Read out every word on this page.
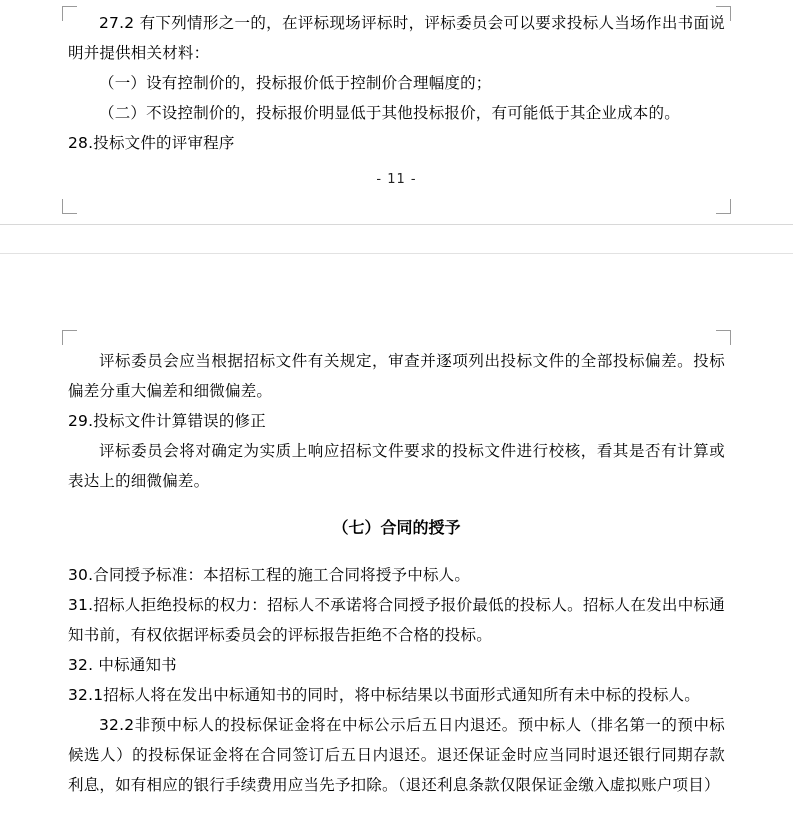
27.2 有下列情形之一的，在评标现场评标时，评标委员会可以要求投标人当场作出书面说明并提供相关材料：

（一）设有控制价的，投标报价低于控制价合理幅度的；

（二）不设控制价的，投标报价明显低于其他投标报价，有可能低于其企业成本的。

28.投标文件的评审程序

- 11 -

评标委员会应当根据招标文件有关规定，审查并逐项列出投标文件的全部投标偏差。投标偏差分重大偏差和细微偏差。

29.投标文件计算错误的修正

评标委员会将对确定为实质上响应招标文件要求的投标文件进行校核，看其是否有计算或表达上的细微偏差。

（七）合同的授予

30.合同授予标准：本招标工程的施工合同将授予中标人。

31.招标人拒绝投标的权力：招标人不承诺将合同授予报价最低的投标人。招标人在发出中标通知书前，有权依据评标委员会的评标报告拒绝不合格的投标。

32. 中标通知书

32.1招标人将在发出中标通知书的同时，将中标结果以书面形式通知所有未中标的投标人。

32.2非预中标人的投标保证金将在中标公示后五日内退还。预中标人（排名第一的预中标候选人）的投标保证金将在合同签订后五日内退还。退还保证金时应当同时退还银行同期存款利息，如有相应的银行手续费用应当先予扣除。（退还利息条款仅限保证金缴入虚拟账户项目）
